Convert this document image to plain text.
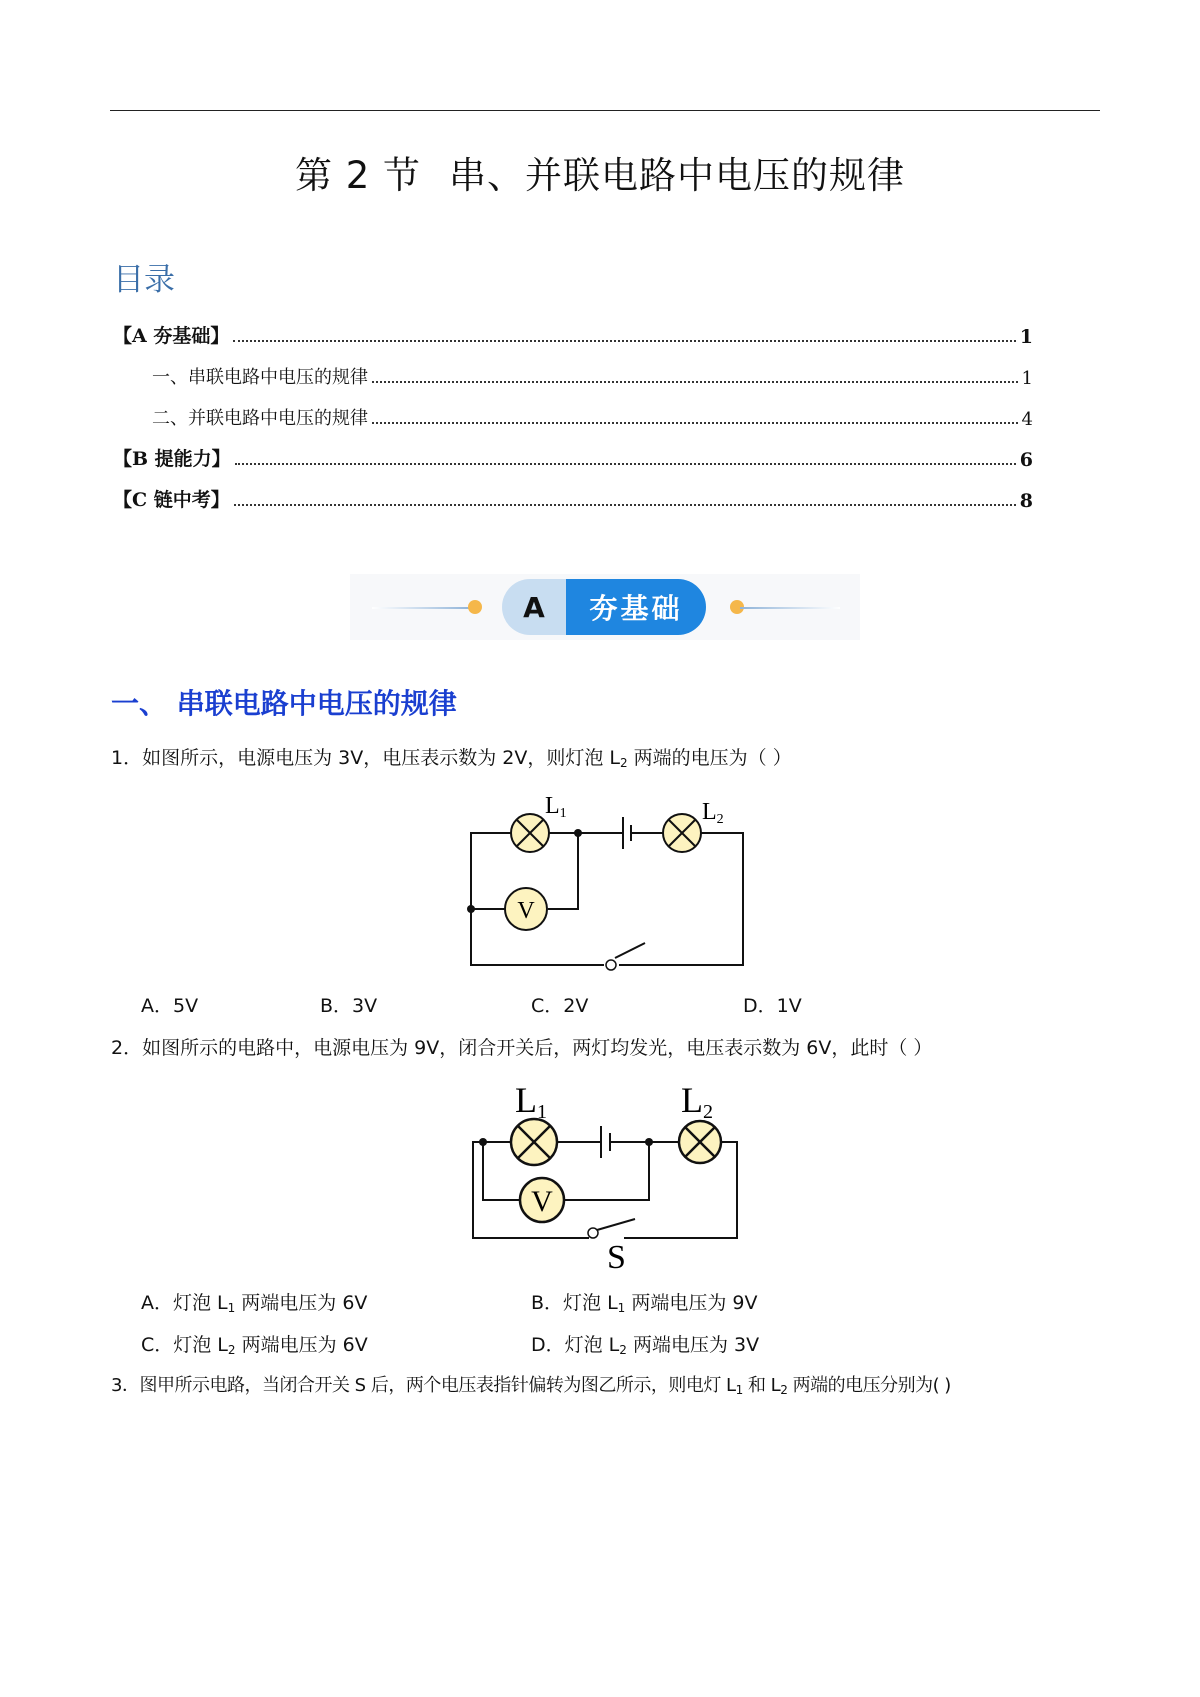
第 2 节 串、并联电路中电压的规律
目录
【A 夯基础】	1
一、串联电路中电压的规律	1
二、并联电路中电压的规律	4
【B 提能力】	6
【C 链中考】	8
A	夯基础
一、 串联电路中电压的规律
1．如图所示，电源电压为 3V，电压表示数为 2V，则灯泡 $L_2$ 两端的电压为（ ）
V
L1	L2
A．5V	B．3V	C．2V	D．1V
2．如图所示的电路中，电源电压为 9V，闭合开关后，两灯均发光，电压表示数为 6V，此时（ ）
V
L1	L2
S
A．灯泡 $L_1$ 两端电压为 6V	B．灯泡 $L_1$ 两端电压为 9V
C．灯泡 $L_2$ 两端电压为 6V	D．灯泡 $L_2$ 两端电压为 3V
3．图甲所示电路，当闭合开关 S 后，两个电压表指针偏转为图乙所示，则电灯 $L_1$ 和 $L_2$ 两端的电压分别为( )
